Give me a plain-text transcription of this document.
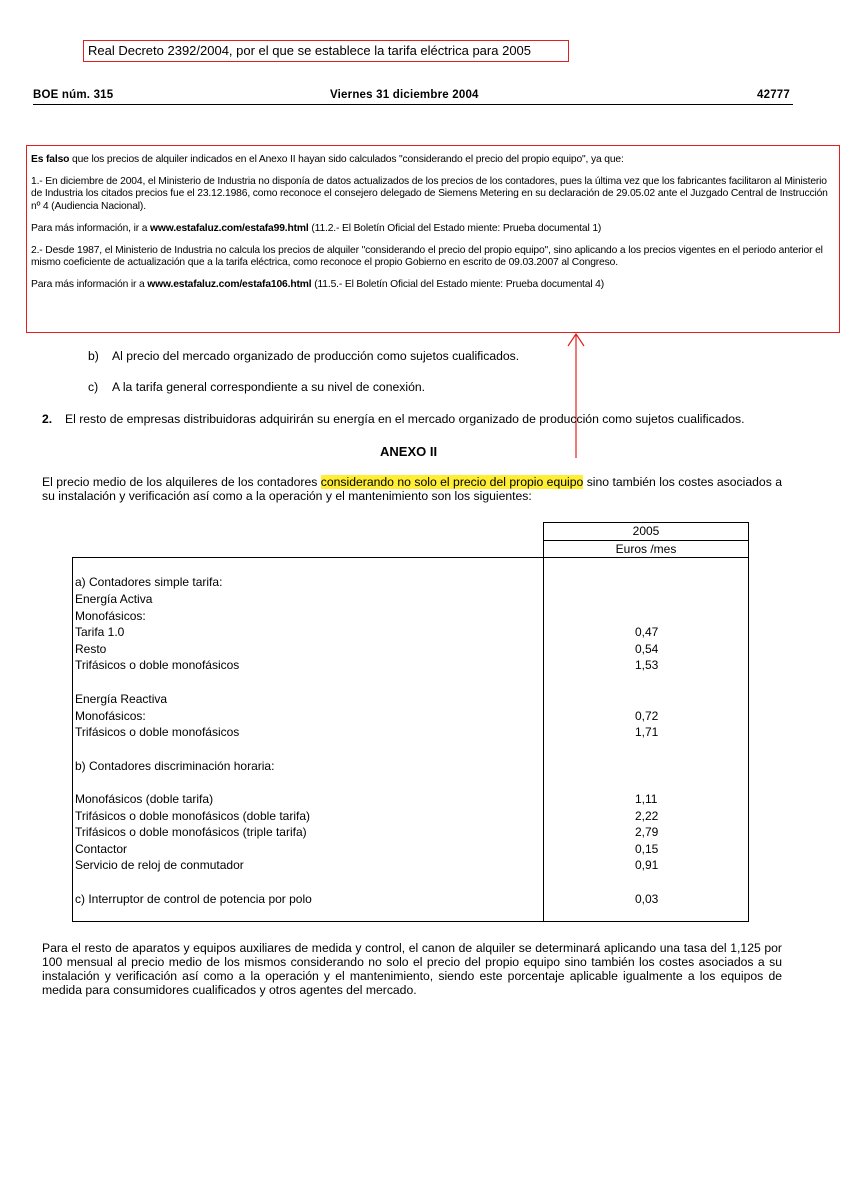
Real Decreto 2392/2004, por el que se establece la tarifa eléctrica para 2005
BOE núm. 315	Viernes 31 diciembre 2004	42777

Es falso que los precios de alquiler indicados en el Anexo II hayan sido calculados "considerando el precio del propio equipo", ya que:

1.- En diciembre de 2004, el Ministerio de Industria no disponía de datos actualizados de los precios de los contadores, pues la última vez que los fabricantes facilitaron al Ministerio de Industria los citados precios fue el 23.12.1986, como reconoce el consejero delegado de Siemens Metering en su declaración de 29.05.02 ante el Juzgado Central de Instrucción nº 4 (Audiencia Nacional).

Para más información, ir a www.estafaluz.com/estafa99.html (11.2.- El Boletín Oficial del Estado miente: Prueba documental 1)

2.- Desde 1987, el Ministerio de Industria no calcula los precios de alquiler "considerando el precio del propio equipo", sino aplicando a los precios vigentes en el periodo anterior el mismo coeficiente de actualización que a la tarifa eléctrica, como reconoce el propio Gobierno en escrito de 09.03.2007 al Congreso.

Para más información ir a www.estafaluz.com/estafa106.html (11.5.- El Boletín Oficial del Estado miente: Prueba documental 4)

b) Al precio del mercado organizado de producción como sujetos cualificados.
c) A la tarifa general correspondiente a su nivel de conexión.
2. El resto de empresas distribuidoras adquirirán su energía en el mercado organizado de producción como sujetos cualificados.
ANEXO II
El precio medio de los alquileres de los contadores considerando no solo el precio del propio equipo sino también los costes asociados a su instalación y verificación así como a la operación y el mantenimiento son los siguientes:
2005
Euros /mes
a) Contadores simple tarifa:
Energía Activa
Monofásicos:
Tarifa 1.0	0,47
Resto	0,54
Trifásicos o doble monofásicos	1,53
Energía Reactiva
Monofásicos:	0,72
Trifásicos o doble monofásicos	1,71
b) Contadores discriminación horaria:
Monofásicos (doble tarifa)	1,11
Trifásicos o doble monofásicos (doble tarifa)	2,22
Trifásicos o doble monofásicos (triple tarifa)	2,79
Contactor	0,15
Servicio de reloj de conmutador	0,91
c) Interruptor de control de potencia por polo	0,03
Para el resto de aparatos y equipos auxiliares de medida y control, el canon de alquiler se determinará aplicando una tasa del 1,125 por 100 mensual al precio medio de los mismos considerando no solo el precio del propio equipo sino también los costes asociados a su instalación y verificación así como a la operación y el mantenimiento, siendo este porcentaje aplicable igualmente a los equipos de medida para consumidores cualificados y otros agentes del mercado.
